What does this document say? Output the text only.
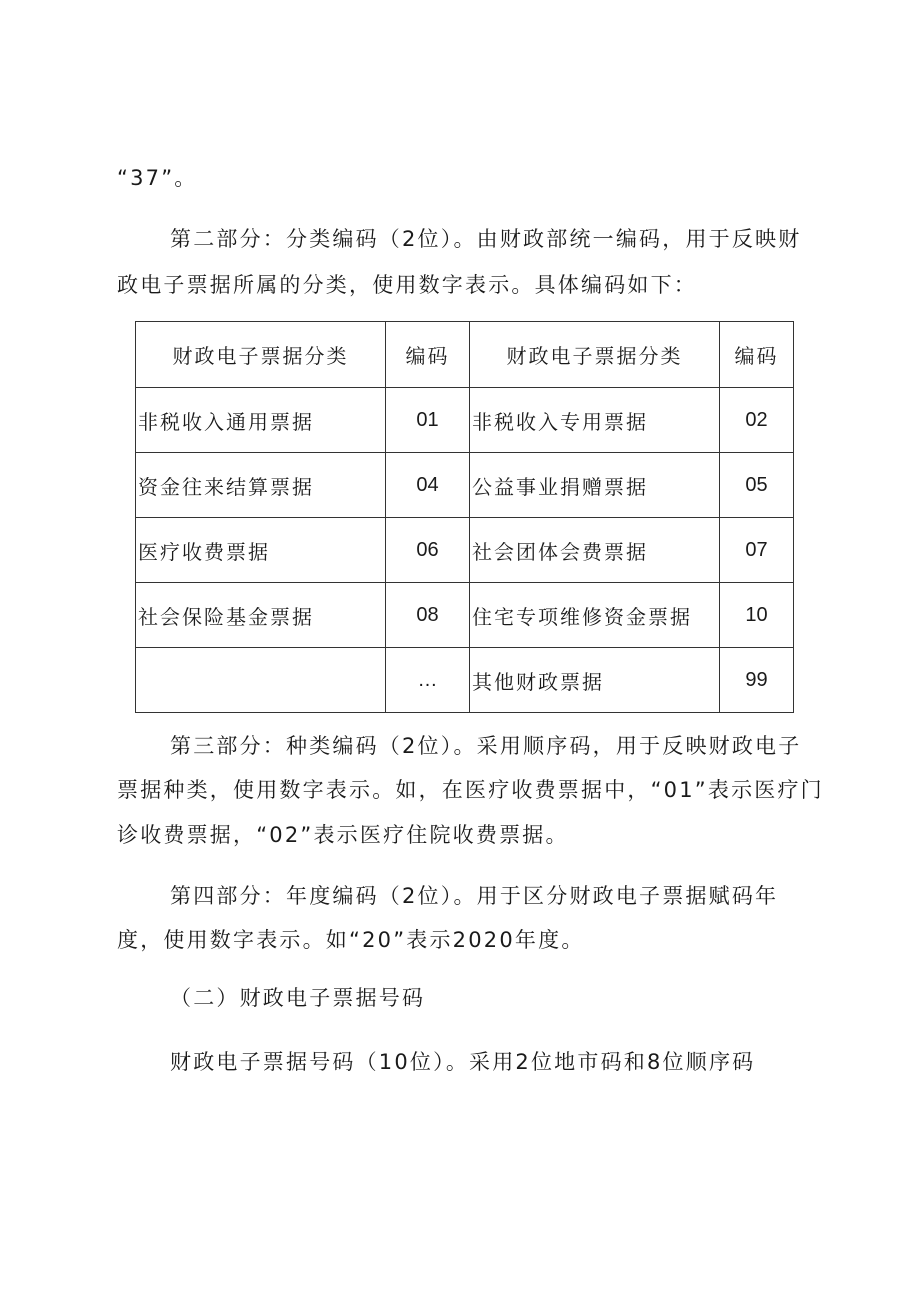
“37”。
第二部分：分类编码（2位）。由财政部统一编码，用于反映财
政电子票据所属的分类，使用数字表示。具体编码如下：
财政电子票据分类	编码	财政电子票据分类	编码
非税收入通用票据	01	非税收入专用票据	02
资金往来结算票据	04	公益事业捐赠票据	05
医疗收费票据	06	社会团体会费票据	07
社会保险基金票据	08	住宅专项维修资金票据	10
	…	其他财政票据	99
第三部分：种类编码（2位）。采用顺序码，用于反映财政电子
票据种类，使用数字表示。如，在医疗收费票据中，“01”表示医疗门
诊收费票据，“02”表示医疗住院收费票据。
第四部分：年度编码（2位）。用于区分财政电子票据赋码年
度，使用数字表示。如“20”表示2020年度。
（二）财政电子票据号码
财政电子票据号码（10位）。采用2位地市码和8位顺序码
